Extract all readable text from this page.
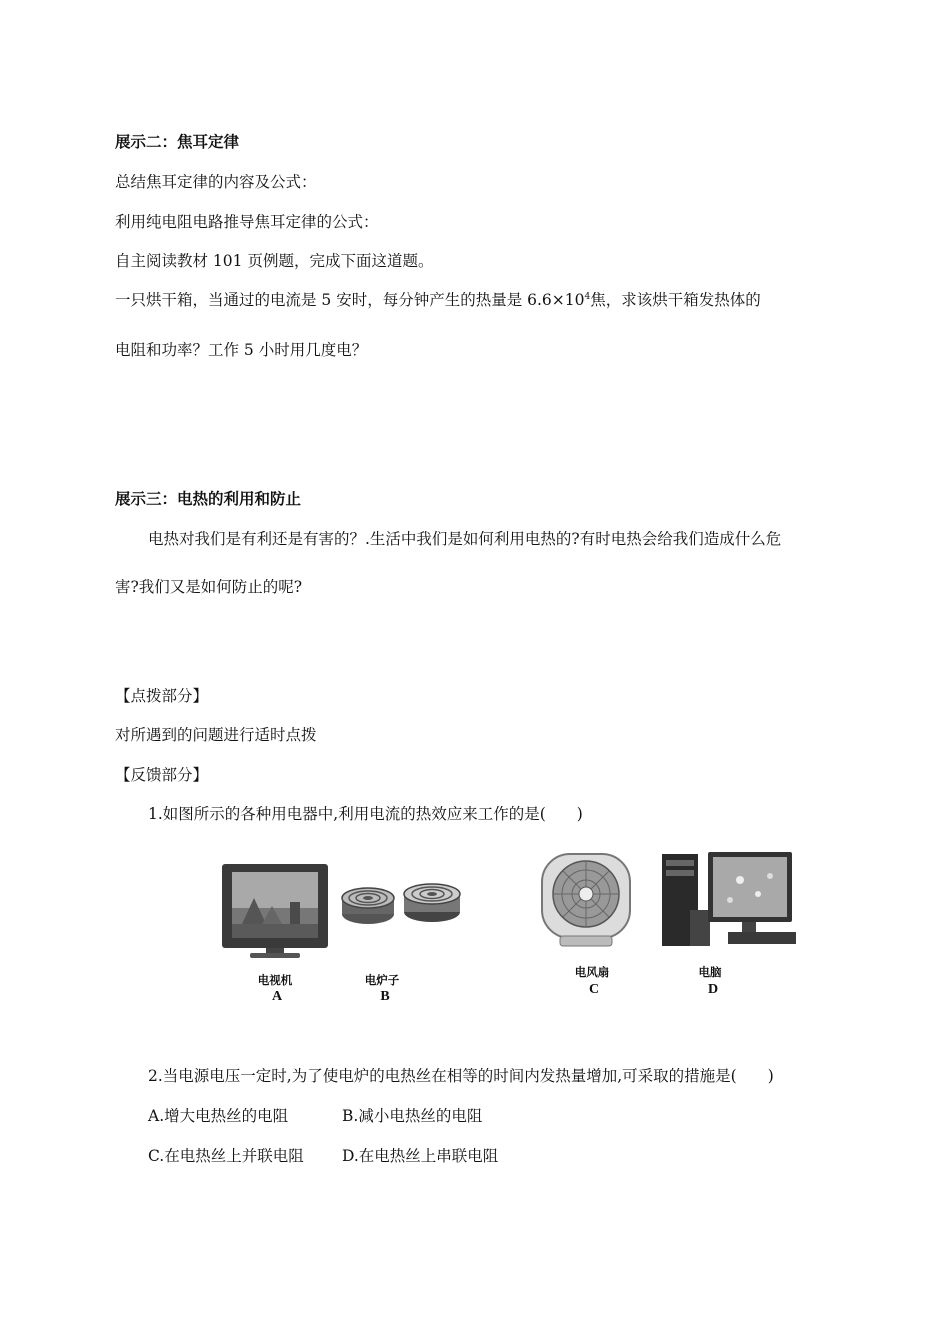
展示二：焦耳定律
总结焦耳定律的内容及公式：
利用纯电阻电路推导焦耳定律的公式：
自主阅读教材 101 页例题，完成下面这道题。
一只烘干箱，当通过的电流是 5 安时，每分钟产生的热量是 $6.6\times 10^4$焦，求该烘干箱发热体的
电阻和功率？工作 5 小时用几度电？
展示三：电热的利用和防止
电热对我们是有利还是有害的？.生活中我们是如何利用电热的?有时电热会给我们造成什么危
害?我们又是如何防止的呢?
【点拨部分】
对所遇到的问题进行适时点拨
【反馈部分】
1.如图所示的各种用电器中,利用电流的热效应来工作的是(　　)
电视机
A
电炉子
B
电风扇
C
电脑
D
2.当电源电压一定时,为了使电炉的电热丝在相等的时间内发热量增加,可采取的措施是(　　)
A.增大电热丝的电阻	B.减小电热丝的电阻
C.在电热丝上并联电阻 D.在电热丝上串联电阻
